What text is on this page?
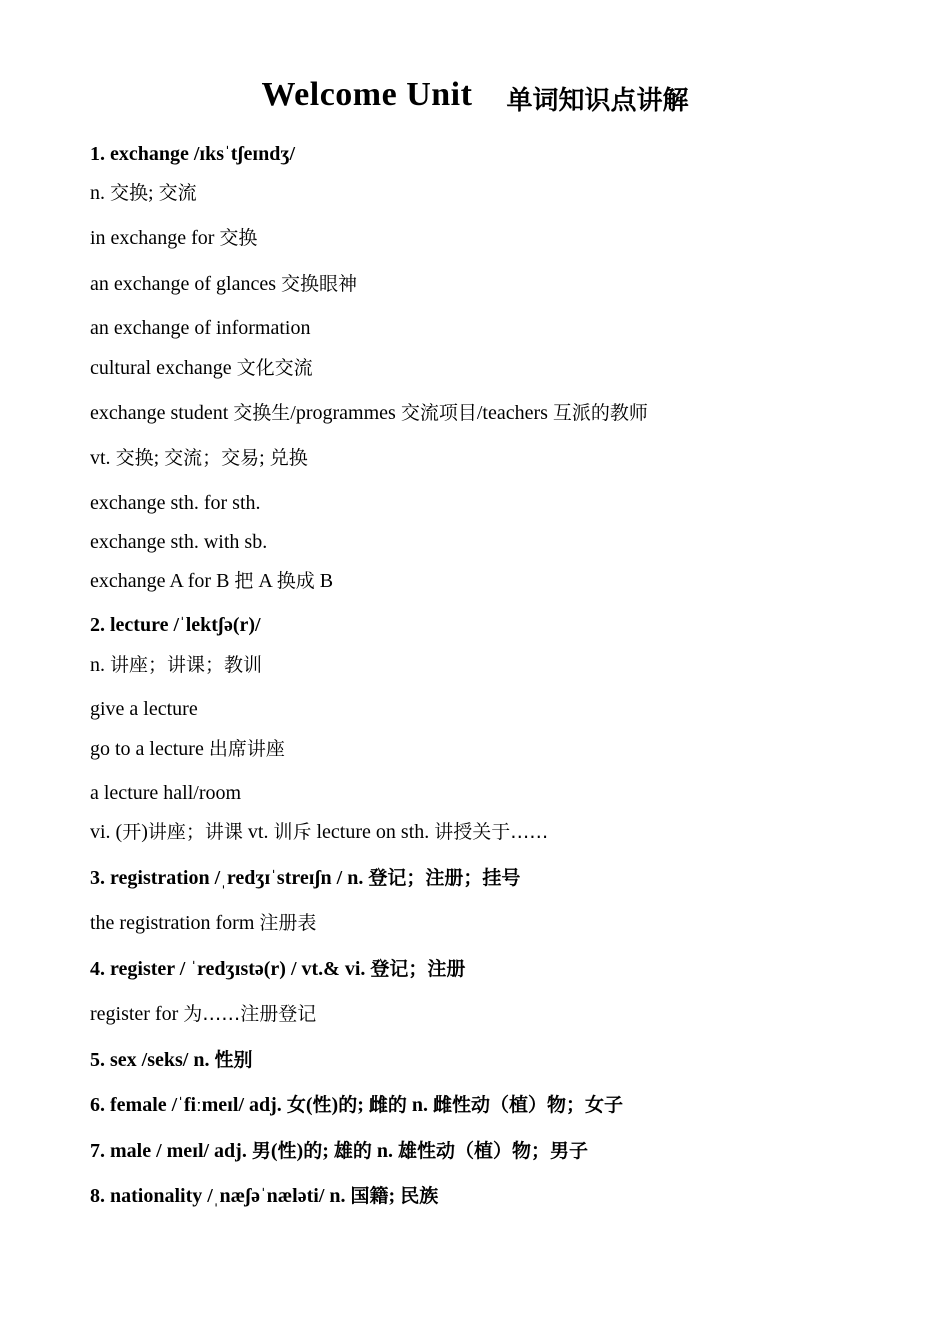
Welcome Unit 单词知识点讲解
1. exchange /ɪksˈtʃeɪndʒ/
n. 交换; 交流
in exchange for 交换
an exchange of glances 交换眼神
an exchange of information
cultural exchange 文化交流
exchange student 交换生/programmes 交流项目/teachers 互派的教师
vt. 交换; 交流；交易; 兑换
exchange sth. for sth.
exchange sth. with sb.
exchange A for B 把 A 换成 B
2. lecture /ˈlektʃə(r)/
n. 讲座；讲课；教训
give a lecture
go to a lecture 出席讲座
a lecture hall/room
vi. (开)讲座；讲课 vt. 训斥 lecture on sth. 讲授关于……
3. registration /ˌredʒɪˈstreɪʃn / n. 登记；注册；挂号
the registration form 注册表
4. register / ˈredʒɪstə(r) / vt.& vi. 登记；注册
register for 为……注册登记
5. sex /seks/ n. 性别
6. female /ˈfiːmeɪl/ adj. 女(性)的; 雌的 n. 雌性动（植）物；女子
7. male / meɪl/ adj. 男(性)的; 雄的 n. 雄性动（植）物；男子
8. nationality /ˌnæʃəˈnæləti/ n. 国籍; 民族
